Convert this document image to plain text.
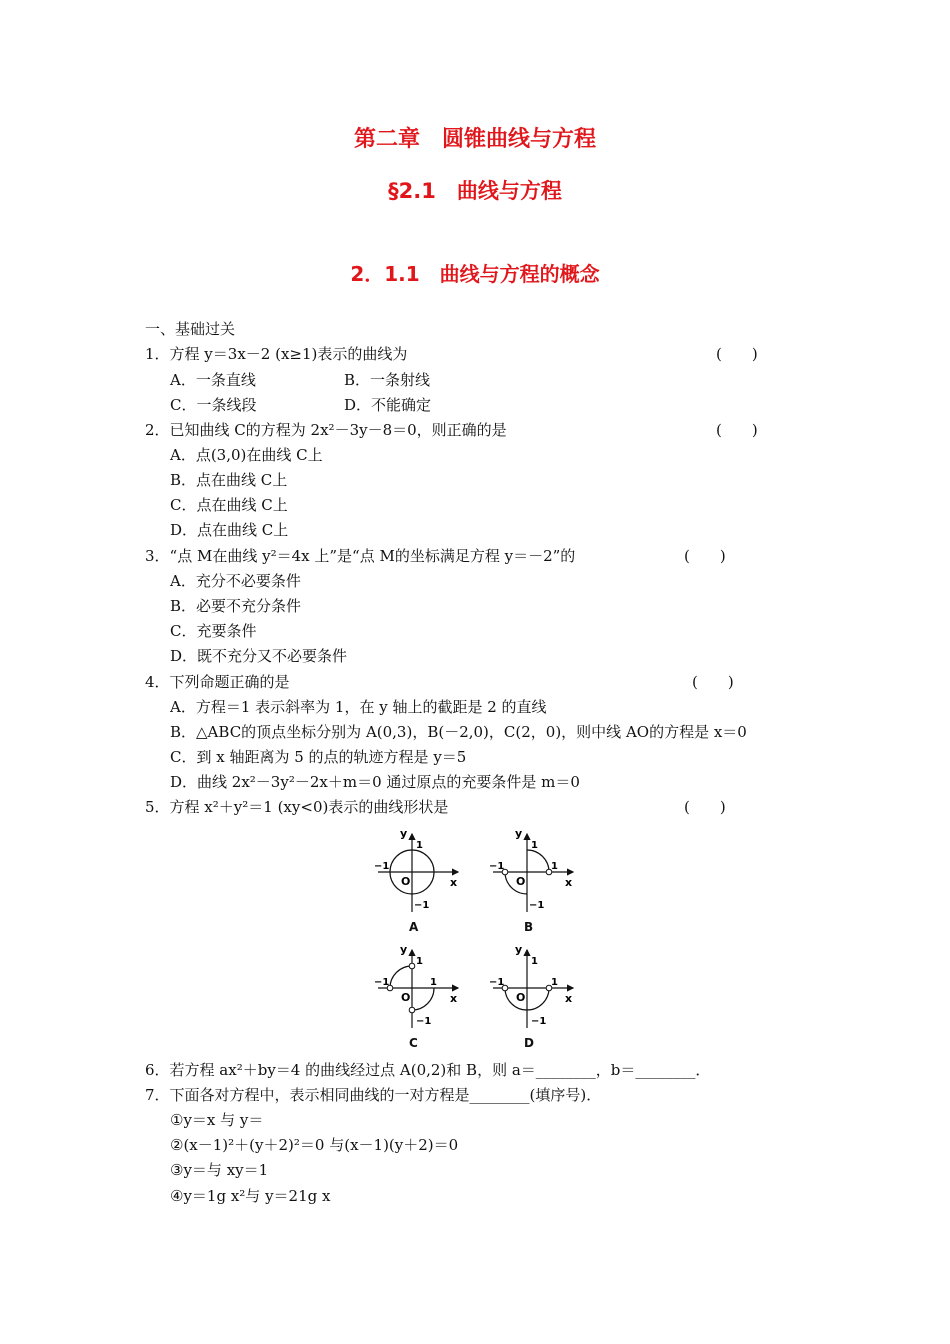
第二章　圆锥曲线与方程
§2.1　曲线与方程
2．1.1　曲线与方程的概念
一、基础过关
1．方程 y＝3x－2 (x≥1)表示的曲线为	(　　)
A．一条直线	B．一条射线
C．一条线段	D．不能确定
2．已知曲线 C的方程为 2x²－3y－8＝0，则正确的是	(　　)
A．点(3,0)在曲线 C上
B．点在曲线 C上
C．点在曲线 C上
D．点在曲线 C上
3．“点 M在曲线 y²＝4x 上”是“点 M的坐标满足方程 y＝－2”的	(　　)
A．充分不必要条件
B．必要不充分条件
C．充要条件
D．既不充分又不必要条件
4．下列命题正确的是	(　　)
A．方程＝1 表示斜率为 1，在 y 轴上的截距是 2 的直线
B．△ABC的顶点坐标分别为 A(0,3)，B(－2,0)，C(2，0)，则中线 AO的方程是 x＝0
C．到 x 轴距离为 5 的点的轨迹方程是 y＝5
D．曲线 2x²－3y²－2x＋m＝0 通过原点的充要条件是 m＝0
5．方程 x²＋y²＝1 (xy<0)表示的曲线形状是	(　　)
y
x
O
1
−1
−1
A
y
x
O
1
1
−1
−1
B
y
x
O
1
1
−1
−1
C
y
x
O
1
1
−1
−1
D
6．若方程 ax²＋by＝4 的曲线经过点 A(0,2)和 B，则 a＝________，b＝________．
7．下面各对方程中，表示相同曲线的一对方程是________(填序号)．
①y＝x 与 y＝
②(x－1)²＋(y＋2)²＝0 与(x－1)(y＋2)＝0
③y＝与 xy＝1
④y＝1g x²与 y＝21g x
